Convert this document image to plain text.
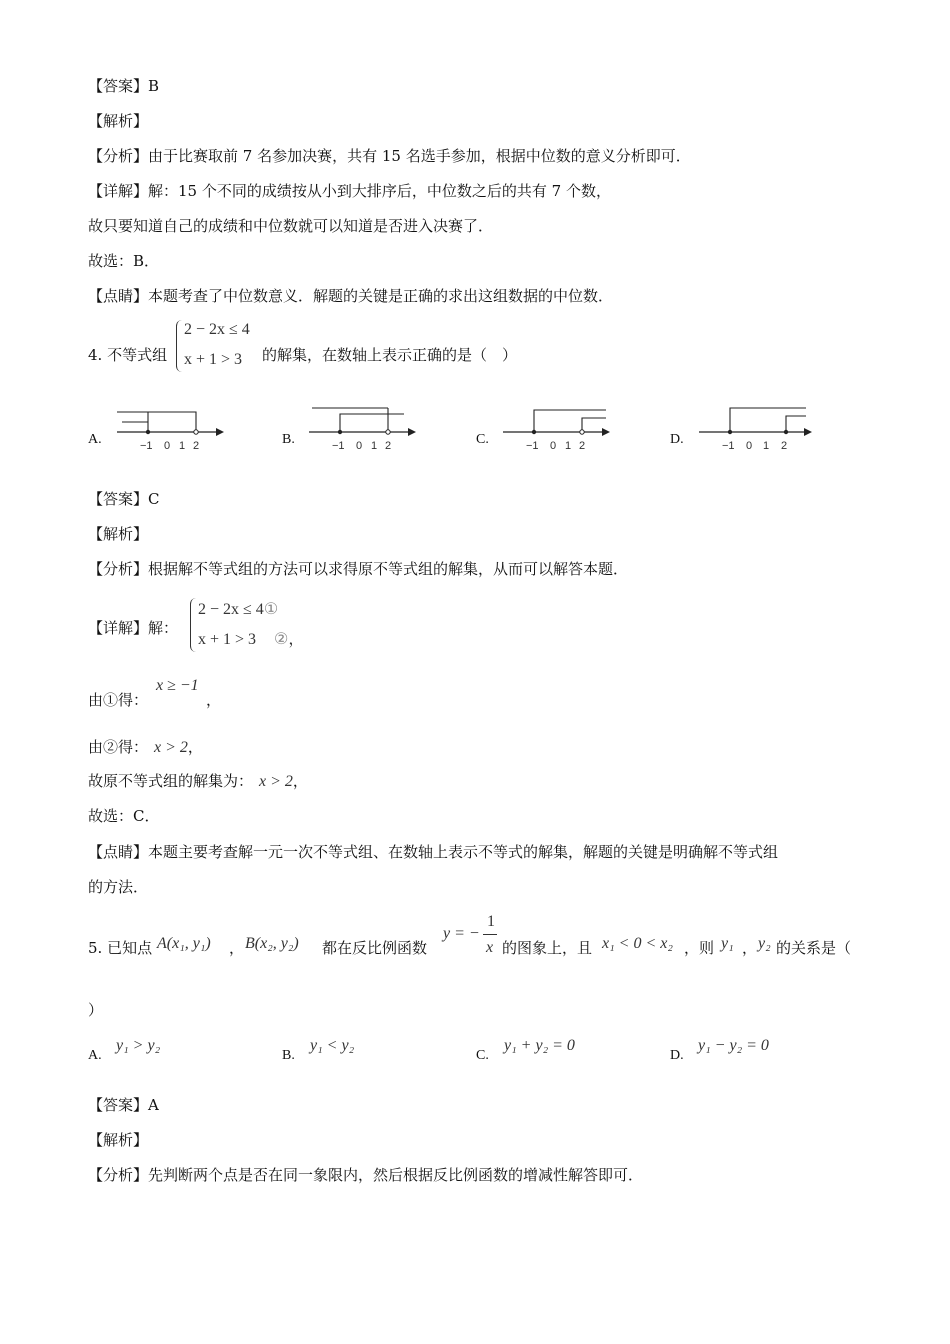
【答案】B
【解析】
【分析】由于比赛取前 7 名参加决赛，共有 15 名选手参加，根据中位数的意义分析即可．
【详解】解：15 个不同的成绩按从小到大排序后，中位数之后的共有 7 个数，
故只要知道自己的成绩和中位数就可以知道是否进入决赛了．
故选：B．
【点睛】本题考查了中位数意义．解题的关键是正确的求出这组数据的中位数．
4. 不等式组
2 − 2x ≤ 4
x + 1 > 3 的解集，在数轴上表示正确的是（　）
A.	−1 0 1 2	B.	−1 0 1 2	C.	−1 0 1 2	D.	−1 0 1 2
【答案】C
【解析】
【分析】根据解不等式组的方法可以求得原不等式组的解集，从而可以解答本题．
【详解】解：
2 − 2x ≤ 4①
x + 1 > 3 ②，
由①得：
x ≥ −1
，
由②得： x > 2，
故原不等式组的解集为： x > 2，
故选：C．
【点睛】本题主要考查解一元一次不等式组、在数轴上表示不等式的解集，解题的关键是明确解不等式组
的方法．
5. 已知点 A(x₁, y₁) ， B(x₂, y₂) 都在反比例函数
y = −
1
x 的图象上，且 x₁ < 0 < x₂ ，则 y₁ ， y₂ 的关系是（
）
A.
y₁ > y₂
B.
y₁ < y₂
C.
y₁ + y₂ = 0
D.
y₁ − y₂ = 0
【答案】A
【解析】
【分析】先判断两个点是否在同一象限内，然后根据反比例函数的增减性解答即可．
